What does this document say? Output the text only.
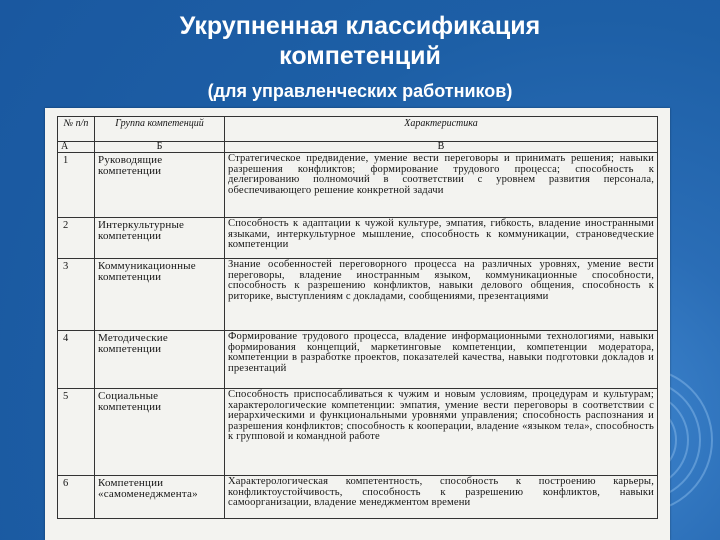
Укрупненная классификация
компетенций
(для управленческих работников)
№ п/п	Группа компетенций	Характеристика
А	Б	В
1	Руководящие компетенции	Стратегическое предвидение, умение вести переговоры и принимать решения; навыки разрешения конфликтов; формирование трудового процесса; способность к делегированию полномочий в соответствии с уровнем развития персонала, обеспечивающего решение конкретной задачи
2	Интеркультурные компетенции	Способность к адаптации к чужой культуре, эмпатия, гибкость, владение иностранными языками, интеркультурное мышление, способность к коммуникации, страноведческие компетенции
3	Коммуникационные компетенции	Знание особенностей переговорного процесса на различных уровнях, умение вести переговоры, владение иностранным языком, коммуникационные способности, способность к разрешению конфликтов, навыки делового общения, способность к риторике, выступлениям с докладами, сообщениями, презентациями
4	Методические компетенции	Формирование трудового процесса, владение информационными технологиями, навыки формирования концепций, маркетинговые компетенции, компетенции модератора, компетенции в разработке проектов, показателей качества, навыки подготовки докладов и презентаций
5	Социальные компетенции	Способность приспосабливаться к чужим и новым условиям, процедурам и культурам; характерологические компетенции: эмпатия, умение вести переговоры в соответствии с иерархическими и функциональными уровнями управления; способность распознания и разрешения конфликтов; способность к кооперации, владение «языком тела», способность к групповой и командной работе
6	Компетенции «самоменеджмента»	Характерологическая компетентность, способность к построению карьеры, конфликтоустойчивость, способность к разрешению конфликтов, навыки самоорганизации, владение менеджментом времени
